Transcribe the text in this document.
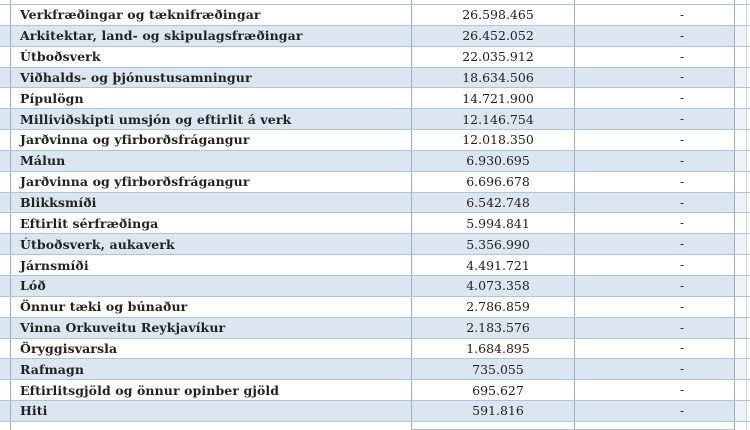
Verkfræðingar og tæknifræðingar	26.598.465	-
Arkitektar, land- og skipulagsfræðingar	26.452.052	-
Útboðsverk	22.035.912	-
Viðhalds- og þjónustusamningur	18.634.506	-
Pípulögn	14.721.900	-
Milliviðskipti umsjón og eftirlit á verk	12.146.754	-
Jarðvinna og yfirborðsfrágangur	12.018.350	-
Málun	6.930.695	-
Jarðvinna og yfirborðsfrágangur	6.696.678	-
Blikksmíði	6.542.748	-
Eftirlit sérfræðinga	5.994.841	-
Útboðsverk, aukaverk	5.356.990	-
Járnsmíði	4.491.721	-
Lóð	4.073.358	-
Önnur tæki og búnaður	2.786.859	-
Vinna Orkuveitu Reykjavíkur	2.183.576	-
Öryggisvarsla	1.684.895	-
Rafmagn	735.055	-
Eftirlitsgjöld og önnur opinber gjöld	695.627	-
Hiti	591.816	-
